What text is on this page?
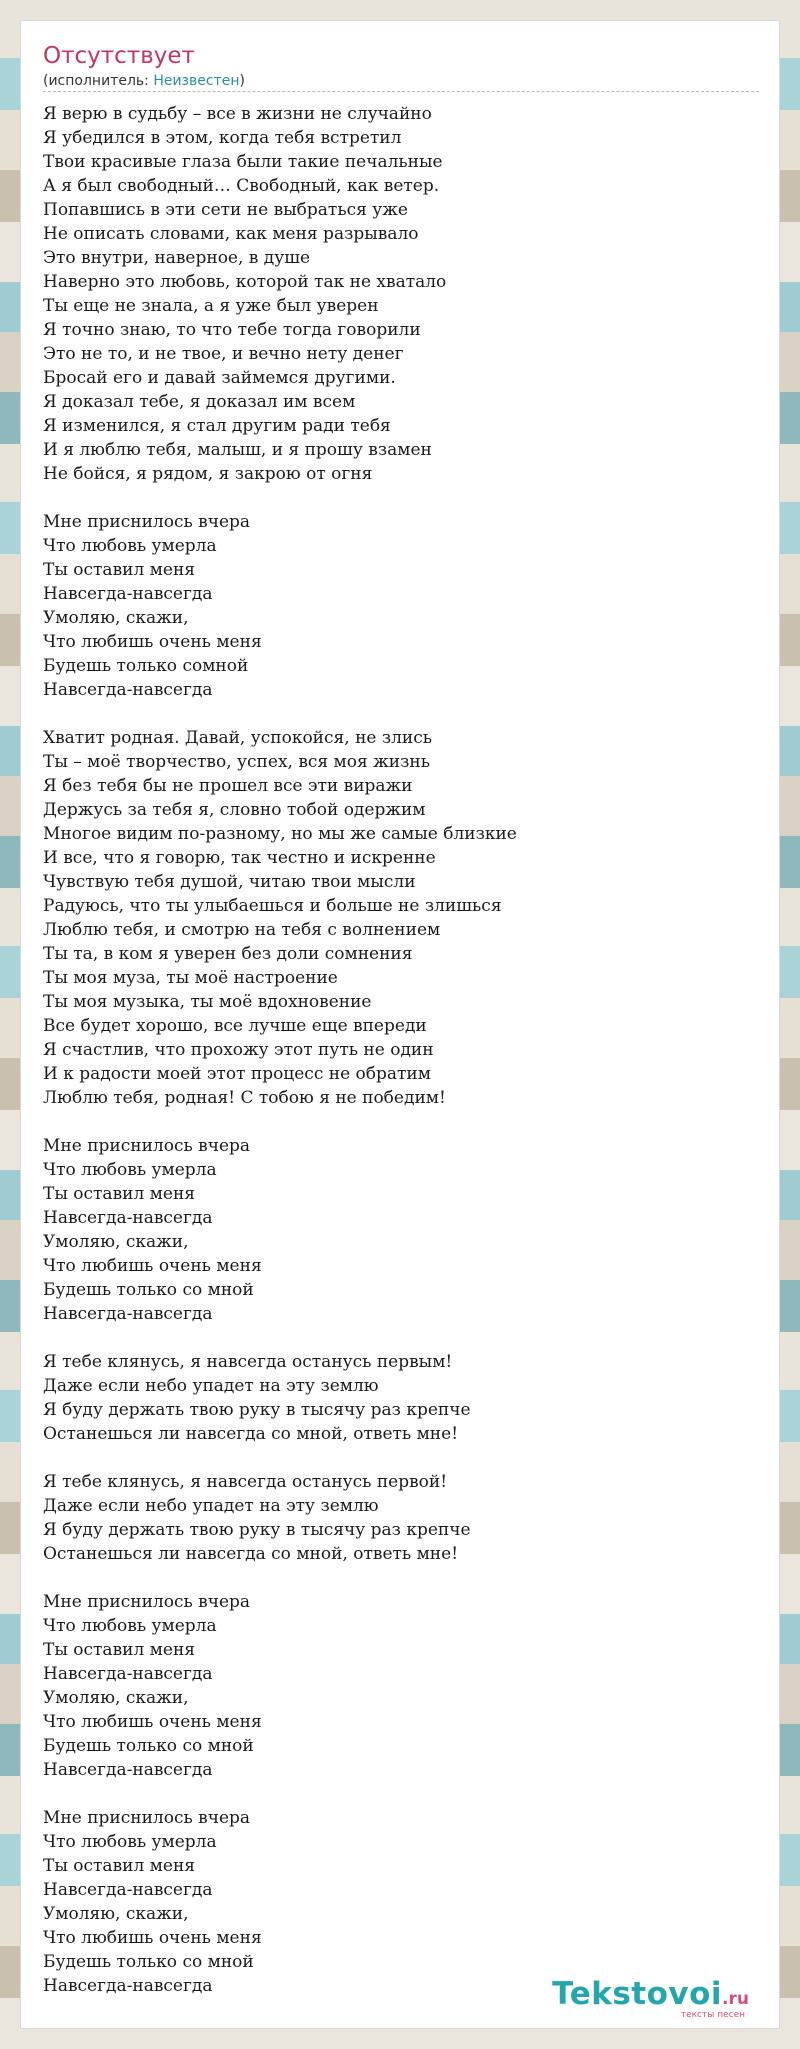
Отсутствует
(исполнитель: Неизвестен)
Я верю в судьбу – все в жизни не случайно
Я убедился в этом, когда тебя встретил
Твои красивые глаза были такие печальные
А я был свободный… Свободный, как ветер.
Попавшись в эти сети не выбраться уже
Не описать словами, как меня разрывало
Это внутри, наверное, в душе
Наверно это любовь, которой так не хватало
Ты еще не знала, а я уже был уверен
Я точно знаю, то что тебе тогда говорили
Это не то, и не твое, и вечно нету денег
Бросай его и давай займемся другими.
Я доказал тебе, я доказал им всем
Я изменился, я стал другим ради тебя
И я люблю тебя, малыш, и я прошу взамен
Не бойся, я рядом, я закрою от огня
Мне приснилось вчера
Что любовь умерла
Ты оставил меня
Навсегда-навсегда
Умоляю, скажи,
Что любишь очень меня
Будешь только сомной
Навсегда-навсегда
Хватит родная. Давай, успокойся, не злись
Ты – моё творчество, успех, вся моя жизнь
Я без тебя бы не прошел все эти виражи
Держусь за тебя я, словно тобой одержим
Многое видим по-разному, но мы же самые близкие
И все, что я говорю, так честно и искренне
Чувствую тебя душой, читаю твои мысли
Радуюсь, что ты улыбаешься и больше не злишься
Люблю тебя, и смотрю на тебя с волнением
Ты та, в ком я уверен без доли сомнения
Ты моя муза, ты моё настроение
Ты моя музыка, ты моё вдохновение
Все будет хорошо, все лучше еще впереди
Я счастлив, что прохожу этот путь не один
И к радости моей этот процесс не обратим
Люблю тебя, родная! С тобою я не победим!
Мне приснилось вчера
Что любовь умерла
Ты оставил меня
Навсегда-навсегда
Умоляю, скажи,
Что любишь очень меня
Будешь только со мной
Навсегда-навсегда
Я тебе клянусь, я навсегда останусь первым!
Даже если небо упадет на эту землю
Я буду держать твою руку в тысячу раз крепче
Останешься ли навсегда со мной, ответь мне!
Я тебе клянусь, я навсегда останусь первой!
Даже если небо упадет на эту землю
Я буду держать твою руку в тысячу раз крепче
Останешься ли навсегда со мной, ответь мне!
Мне приснилось вчера
Что любовь умерла
Ты оставил меня
Навсегда-навсегда
Умоляю, скажи,
Что любишь очень меня
Будешь только со мной
Навсегда-навсегда
Мне приснилось вчера
Что любовь умерла
Ты оставил меня
Навсегда-навсегда
Умоляю, скажи,
Что любишь очень меня
Будешь только со мной
Навсегда-навсегда	Tekstovoi.ru
тексты песен
